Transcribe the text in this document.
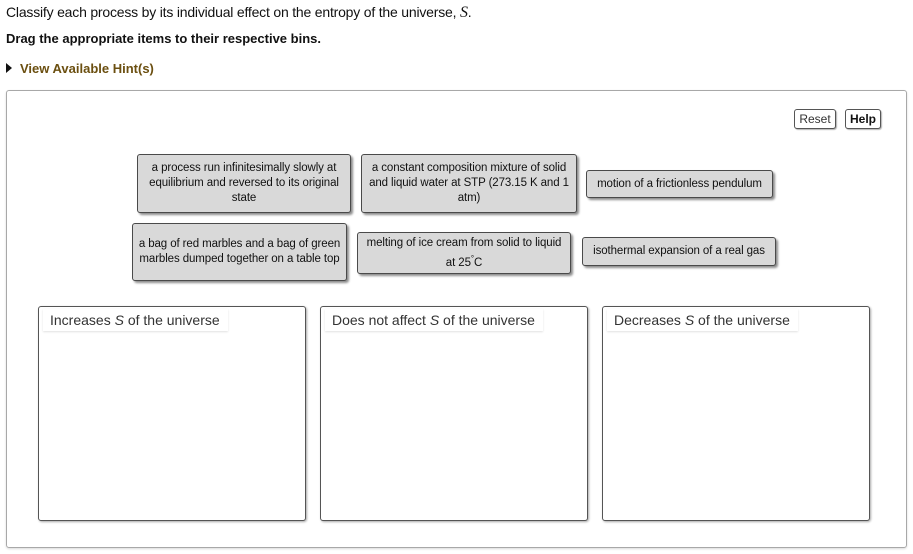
Classify each process by its individual effect on the entropy of the universe, S.
Drag the appropriate items to their respective bins.
View Available Hint(s)
Reset	Help
a process run infinitesimally slowly at equilibrium and reversed to its original state
a constant composition mixture of solid and liquid water at STP (273.15 K and 1 atm)
motion of a frictionless pendulum
a bag of red marbles and a bag of green marbles dumped together on a table top
melting of ice cream from solid to liquid at 25°C
isothermal expansion of a real gas
Increases S of the universe	Does not affect S of the universe	Decreases S of the universe
